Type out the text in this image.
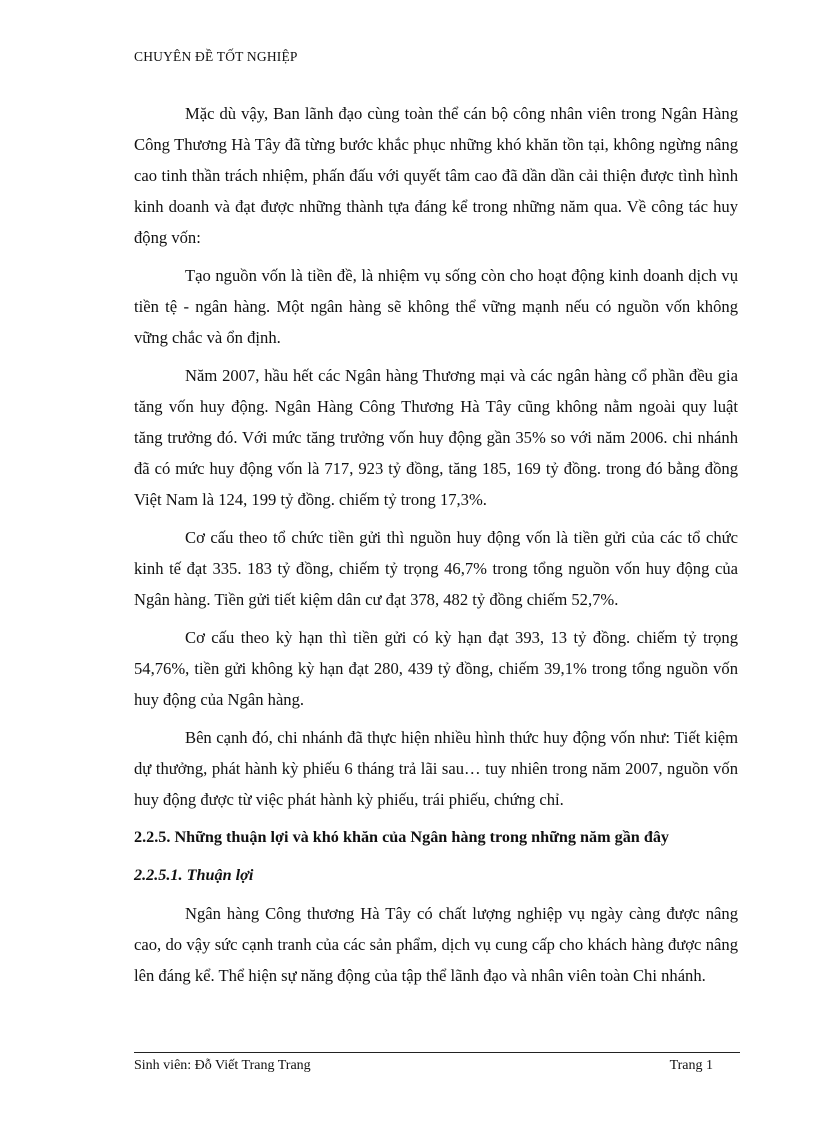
CHUYÊN ĐỀ TỐT NGHIỆP

Mặc dù vậy, Ban lãnh đạo cùng toàn thể cán bộ công nhân viên trong Ngân Hàng Công Thương Hà Tây đã từng bước khắc phục những khó khăn tồn tại, không ngừng nâng cao tinh thần trách nhiệm, phấn đấu với quyết tâm cao đã dần dần cải thiện được tình hình kinh doanh và đạt được những thành tựa đáng kể trong những năm qua. Về công tác huy động vốn:

Tạo nguồn vốn là tiền đề, là nhiệm vụ sống còn cho hoạt động kinh doanh dịch vụ tiền tệ - ngân hàng. Một ngân hàng sẽ không thể vững mạnh nếu có nguồn vốn không vững chắc và ổn định.

Năm 2007, hầu hết các Ngân hàng Thương mại và các ngân hàng cổ phần đều gia tăng vốn huy động. Ngân Hàng Công Thương Hà Tây cũng không nằm ngoài quy luật tăng trưởng đó. Với mức tăng trưởng vốn huy động gần 35% so với năm 2006. chi nhánh đã có mức huy động vốn là 717, 923 tỷ đồng, tăng 185, 169 tỷ đồng. trong đó bằng đồng Việt Nam là 124, 199 tỷ đồng. chiếm tỷ trong 17,3%.

Cơ cấu theo tổ chức tiền gửi thì nguồn huy động vốn là tiền gửi của các tổ chức kinh tế đạt 335. 183 tỷ đồng, chiếm tỷ trọng 46,7% trong tổng nguồn vốn huy động của Ngân hàng. Tiền gửi tiết kiệm dân cư đạt 378, 482 tỷ đồng chiếm 52,7%.

Cơ cấu theo kỳ hạn thì tiền gửi có kỳ hạn đạt 393, 13 tỷ đồng. chiếm tỷ trọng 54,76%, tiền gửi không kỳ hạn đạt 280, 439 tỷ đồng, chiếm 39,1% trong tổng nguồn vốn huy động của Ngân hàng.

Bên cạnh đó, chi nhánh đã thực hiện nhiều hình thức huy động vốn như: Tiết kiệm dự thưởng, phát hành kỳ phiếu 6 tháng trả lãi sau… tuy nhiên trong năm 2007, nguồn vốn huy động được từ việc phát hành kỳ phiếu, trái phiếu, chứng chỉ.

2.2.5. Những thuận lợi và khó khăn của Ngân hàng trong những năm gần đây
2.2.5.1. Thuận lợi

Ngân hàng Công thương Hà Tây có chất lượng nghiệp vụ ngày càng được nâng cao, do vậy sức cạnh tranh của các sản phẩm, dịch vụ cung cấp cho khách hàng được nâng lên đáng kể. Thể hiện sự năng động của tập thể lãnh đạo và nhân viên toàn Chi nhánh.

Sinh viên: Đỗ Viết Trang Trang	Trang 1
